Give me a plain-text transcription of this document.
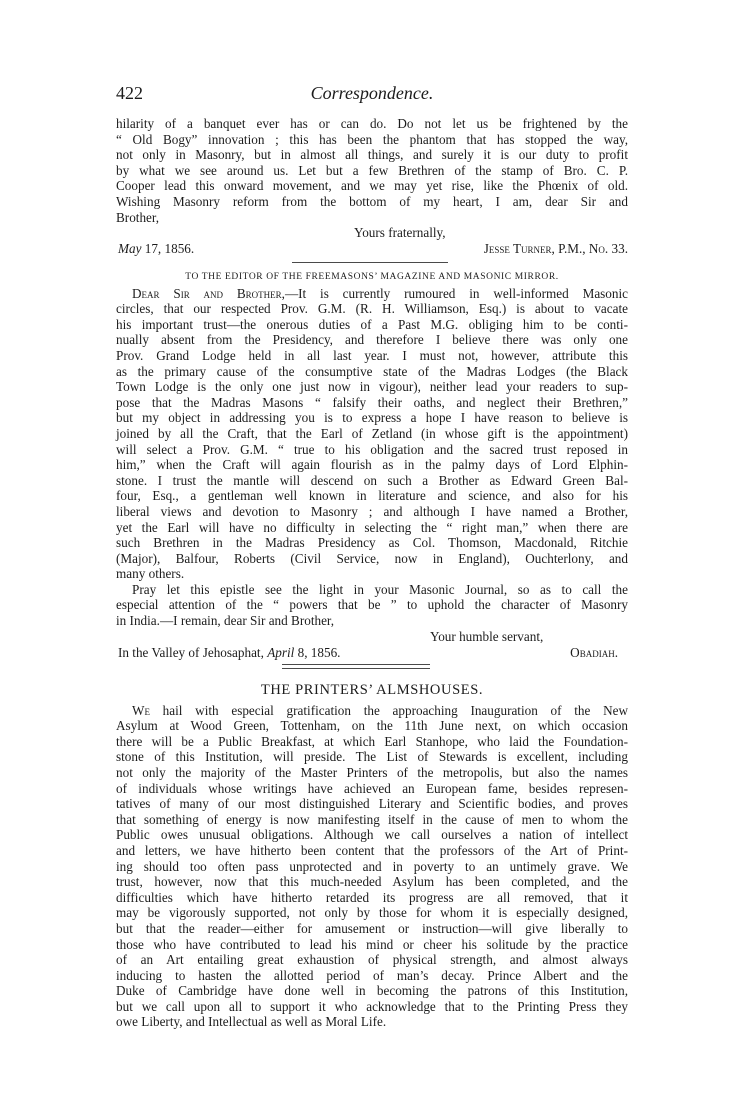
422	Correspondence.

hilarity of a banquet ever has or can do. Do not let us be frightened by the

“ Old Bogy” innovation ; this has been the phantom that has stopped the way,

not only in Masonry, but in almost all things, and surely it is our duty to profit

by what we see around us. Let but a few Brethren of the stamp of Bro. C. P.

Cooper lead this onward movement, and we may yet rise, like the Phœnix of old.

Wishing Masonry reform from the bottom of my heart, I am, dear Sir and

Brother,

Yours fraternally,
May 17, 1856.	Jesse Turner, P.M., No. 33.

TO THE EDITOR OF THE FREEMASONS’ MAGAZINE AND MASONIC MIRROR.

Dear Sir and Brother,—It is currently rumoured in well-informed Masonic

circles, that our respected Prov. G.M. (R. H. Williamson, Esq.) is about to vacate

his important trust—the onerous duties of a Past M.G. obliging him to be conti-

nually absent from the Presidency, and therefore I believe there was only one

Prov. Grand Lodge held in all last year. I must not, however, attribute this

as the primary cause of the consumptive state of the Madras Lodges (the Black

Town Lodge is the only one just now in vigour), neither lead your readers to sup-

pose that the Madras Masons “ falsify their oaths, and neglect their Brethren,”

but my object in addressing you is to express a hope I have reason to believe is

joined by all the Craft, that the Earl of Zetland (in whose gift is the appointment)

will select a Prov. G.M. “ true to his obligation and the sacred trust reposed in

him,” when the Craft will again flourish as in the palmy days of Lord Elphin-

stone. I trust the mantle will descend on such a Brother as Edward Green Bal-

four, Esq., a gentleman well known in literature and science, and also for his

liberal views and devotion to Masonry ; and although I have named a Brother,

yet the Earl will have no difficulty in selecting the “ right man,” when there are

such Brethren in the Madras Presidency as Col. Thomson, Macdonald, Ritchie

(Major), Balfour, Roberts (Civil Service, now in England), Ouchterlony, and

many others.

Pray let this epistle see the light in your Masonic Journal, so as to call the

especial attention of the “ powers that be ” to uphold the character of Masonry

in India.—I remain, dear Sir and Brother,

Your humble servant,
In the Valley of Jehosaphat, April 8, 1856.	Obadiah.

THE PRINTERS’ ALMSHOUSES.

We hail with especial gratification the approaching Inauguration of the New

Asylum at Wood Green, Tottenham, on the 11th June next, on which occasion

there will be a Public Breakfast, at which Earl Stanhope, who laid the Foundation-

stone of this Institution, will preside. The List of Stewards is excellent, including

not only the majority of the Master Printers of the metropolis, but also the names

of individuals whose writings have achieved an European fame, besides represen-

tatives of many of our most distinguished Literary and Scientific bodies, and proves

that something of energy is now manifesting itself in the cause of men to whom the

Public owes unusual obligations. Although we call ourselves a nation of intellect

and letters, we have hitherto been content that the professors of the Art of Print-

ing should too often pass unprotected and in poverty to an untimely grave. We

trust, however, now that this much-needed Asylum has been completed, and the

difficulties which have hitherto retarded its progress are all removed, that it

may be vigorously supported, not only by those for whom it is especially designed,

but that the reader—either for amusement or instruction—will give liberally to

those who have contributed to lead his mind or cheer his solitude by the practice

of an Art entailing great exhaustion of physical strength, and almost always

inducing to hasten the allotted period of man’s decay. Prince Albert and the

Duke of Cambridge have done well in becoming the patrons of this Institution,

but we call upon all to support it who acknowledge that to the Printing Press they

owe Liberty, and Intellectual as well as Moral Life.
